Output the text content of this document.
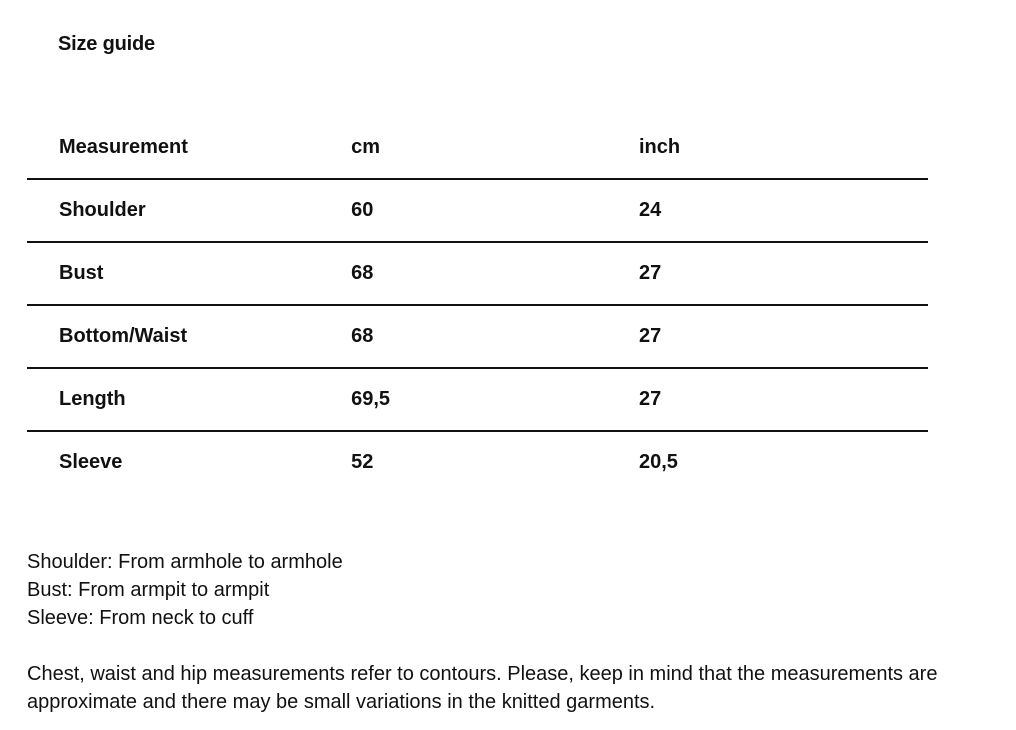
Size guide
Measurement	cm	inch
Shoulder	60	24
Bust	68	27
Bottom/Waist	68	27
Length	69,5	27
Sleeve	52	20,5
Shoulder: From armhole to armhole
Bust: From armpit to armpit
Sleeve: From neck to cuff
Chest, waist and hip measurements refer to contours. Please, keep in mind that the measurements are approximate and there may be small variations in the knitted garments.
